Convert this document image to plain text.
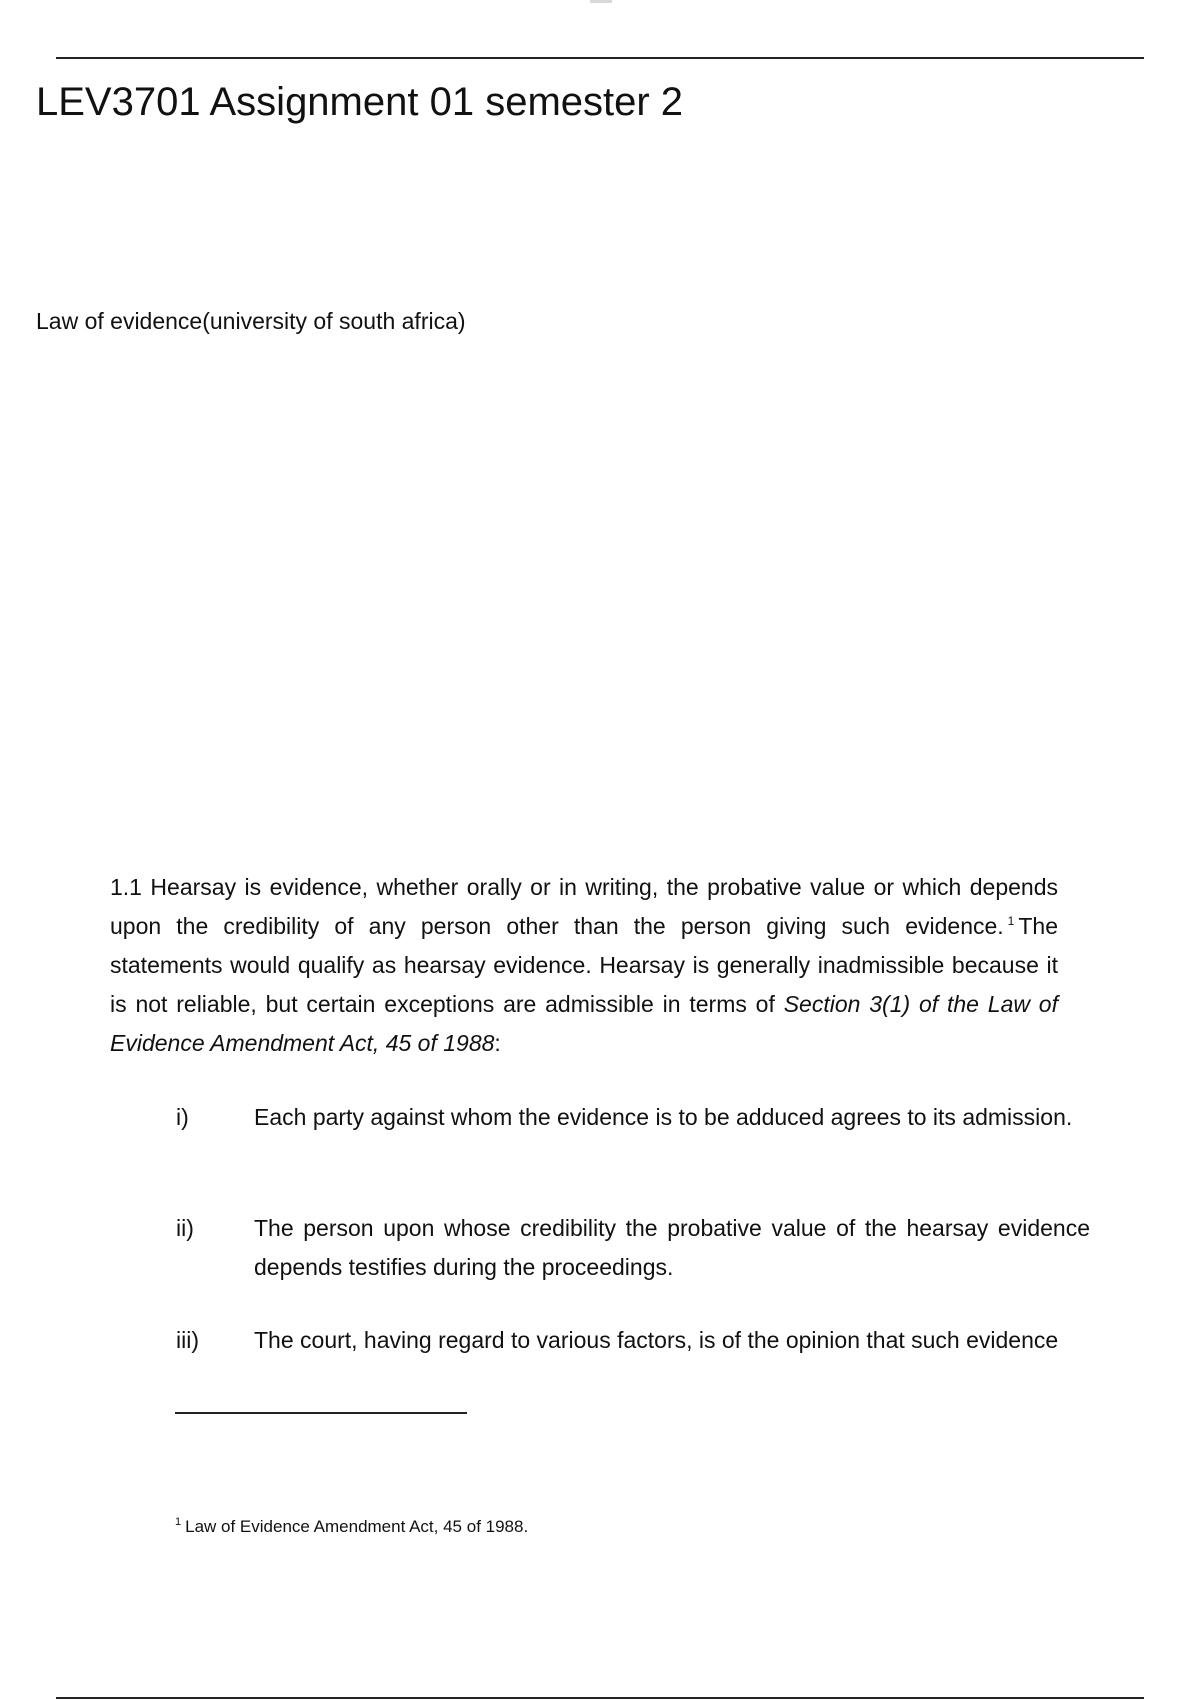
LEV3701 Assignment 01 semester 2
Law of evidence(university of south africa)
1.1 Hearsay is evidence, whether orally or in writing, the probative value or which depends upon the credibility of any person other than the person giving such evidence. $^1$ The statements would qualify as hearsay evidence. Hearsay is generally inadmissible because it is not reliable, but certain exceptions are admissible in terms of Section 3(1) of the Law of Evidence Amendment Act, 45 of 1988:
i)	Each party against whom the evidence is to be adduced agrees to its admission.
ii)	The person upon whose credibility the probative value of the hearsay evidence depends testifies during the proceedings.
iii)	The court, having regard to various factors, is of the opinion that such evidence
$^1$ Law of Evidence Amendment Act, 45 of 1988.
